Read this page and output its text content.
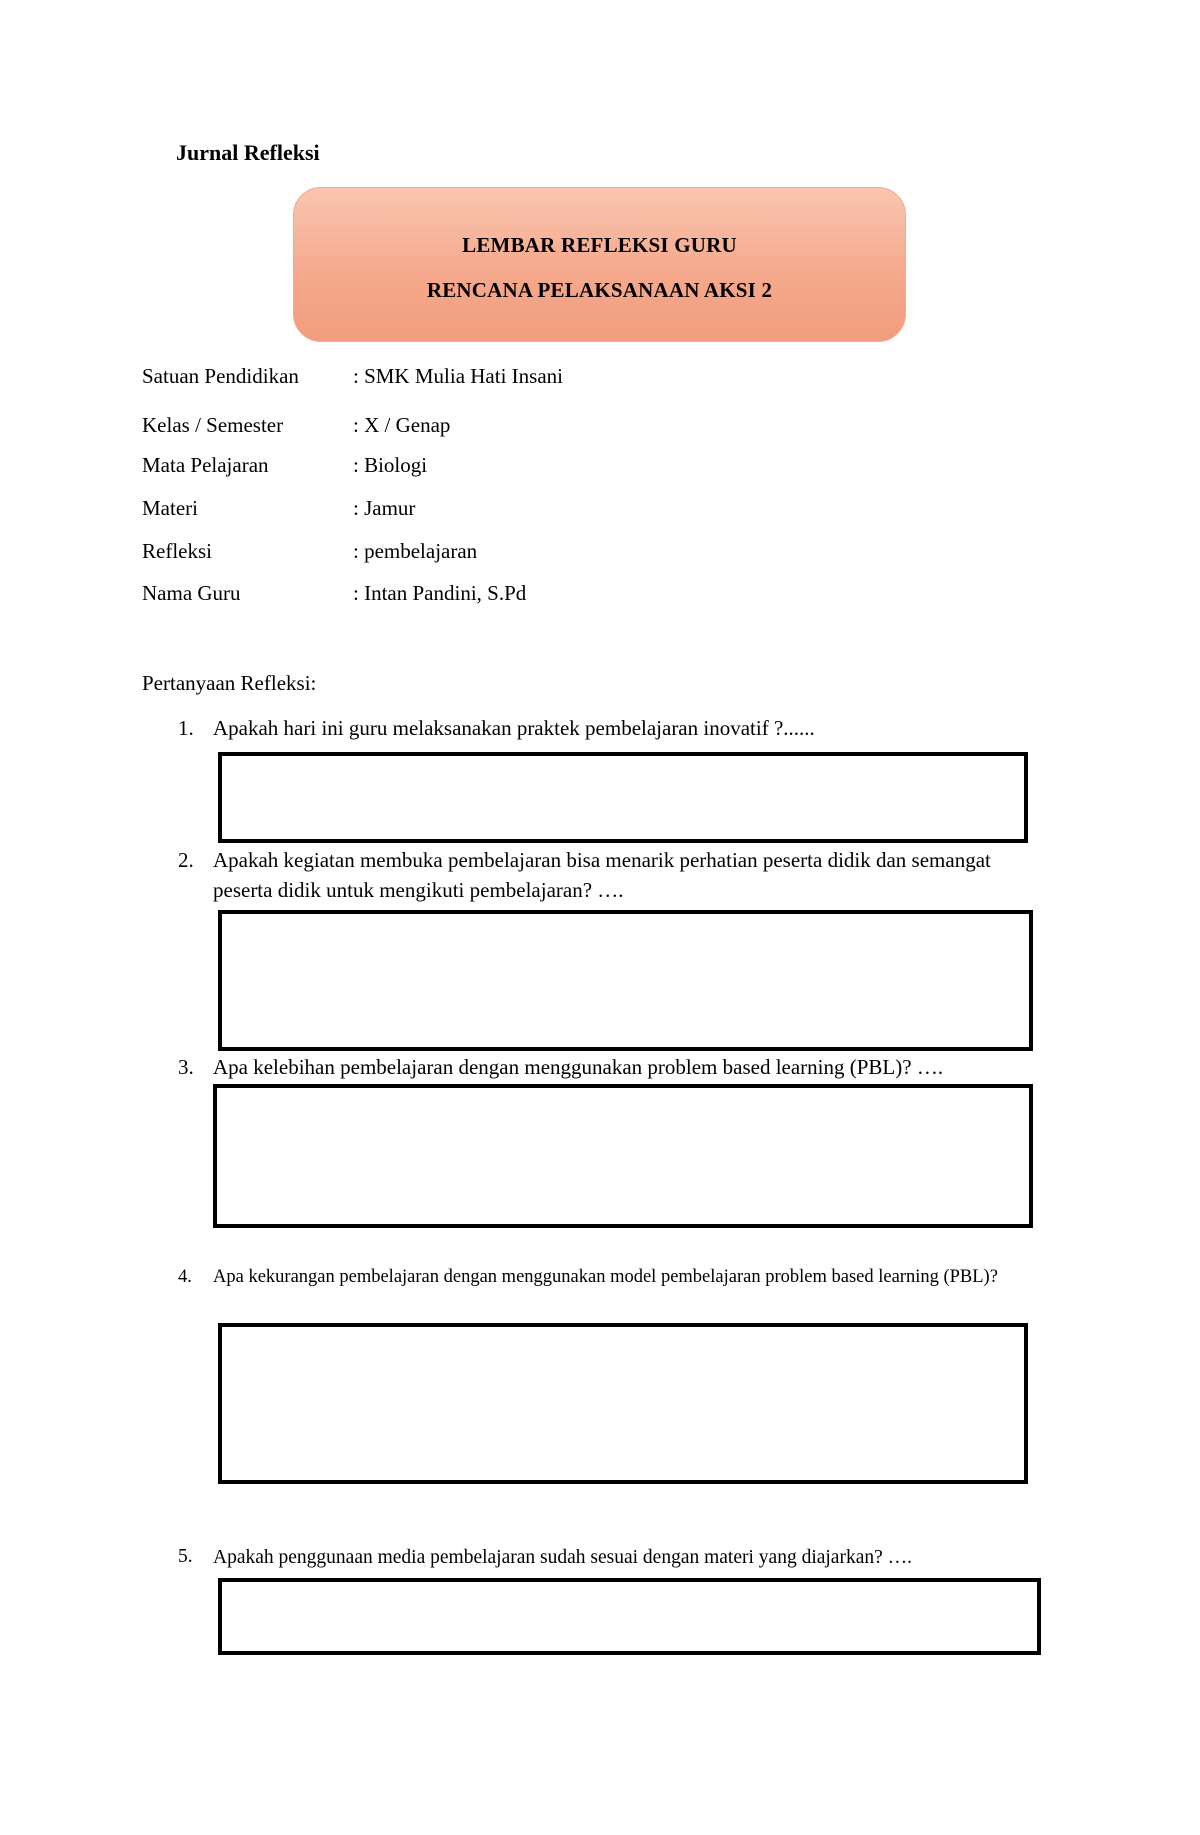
Jurnal Refleksi
LEMBAR REFLEKSI GURU
RENCANA PELAKSANAAN AKSI 2
Satuan Pendidikan	: SMK Mulia Hati Insani
Kelas / Semester	: X / Genap
Mata Pelajaran	: Biologi
Materi	: Jamur
Refleksi	: pembelajaran
Nama Guru	: Intan Pandini, S.Pd
Pertanyaan Refleksi:
1. Apakah hari ini guru melaksanakan praktek pembelajaran inovatif ?......
2. Apakah kegiatan membuka pembelajaran bisa menarik perhatian peserta didik dan semangat peserta didik untuk mengikuti pembelajaran? ….
3. Apa kelebihan pembelajaran dengan menggunakan problem based learning (PBL)? ….
4. Apa kekurangan pembelajaran dengan menggunakan model pembelajaran problem based learning (PBL)?
5. Apakah penggunaan media pembelajaran sudah sesuai dengan materi yang diajarkan? ….
